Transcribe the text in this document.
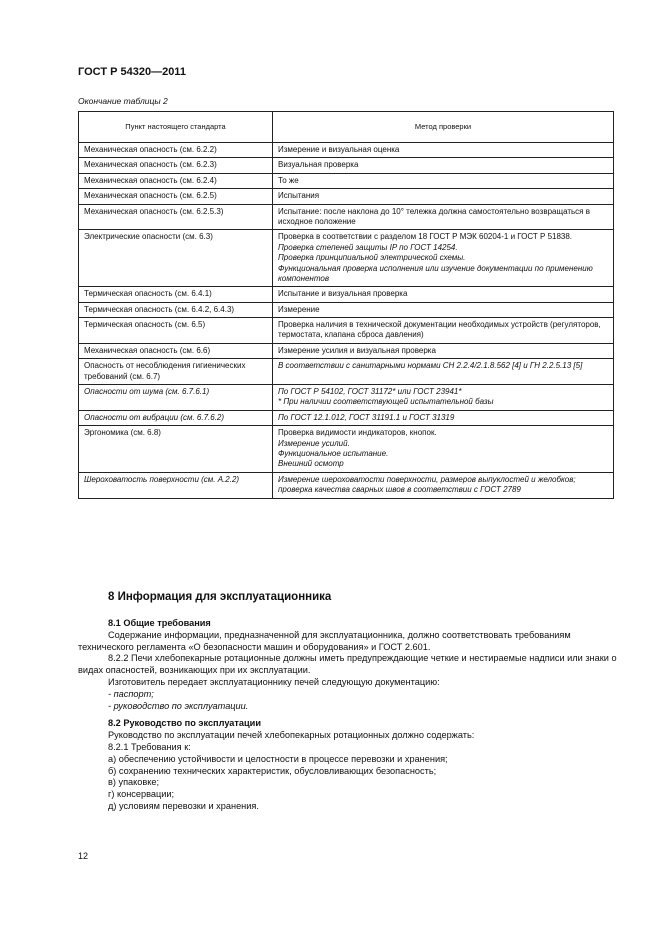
ГОСТ Р 54320—2011
Окончание таблицы 2
Пункт настоящего стандарта	Метод проверки
Механическая опасность (см. 6.2.2)	Измерение и визуальная оценка
Механическая опасность (см. 6.2.3)	Визуальная проверка
Механическая опасность (см. 6.2.4)	То же
Механическая опасность (см. 6.2.5)	Испытания
Механическая опасность (см. 6.2.5.3)	Испытание: после наклона до 10° тележка должна самостоятельно возвращаться в исходное положение
Электрические опасности (см. 6.3)	Проверка в соответствии с разделом 18 ГОСТ Р МЭК 60204-1 и ГОСТ Р 51838.
Проверка степеней защиты IP по ГОСТ 14254.
Проверка принципиальной электрической схемы.
Функциональная проверка исполнения или изучение документации по применению компонентов

Термическая опасность (см. 6.4.1)	Испытание и визуальная проверка
Термическая опасность (см. 6.4.2, 6.4.3)	Измерение
Термическая опасность (см. 6.5)	Проверка наличия в технической документации необходимых устройств (регуляторов, термостата, клапана сброса давления)
Механическая опасность (см. 6.6)	Измерение усилия и визуальная проверка
Опасность от несоблюдения гигиенических требований (см. 6.7)	В соответствии с санитарными нормами СН 2.2.4/2.1.8.562 [4] и ГН 2.2.5.13 [5]
Опасности от шума (см. 6.7.6.1)	По ГОСТ Р 54102, ГОСТ 31172* или ГОСТ 23941*
* При наличии соответствующей испытательной базы

Опасности от вибрации (см. 6.7.6.2)	По ГОСТ 12.1.012, ГОСТ 31191.1 и ГОСТ 31319
Эргономика (см. 6.8)	Проверка видимости индикаторов, кнопок.
Измерение усилий.
Функциональное испытание.
Внешний осмотр

Шероховатость поверхности (см. А.2.2)	Измерение шероховатости поверхности, размеров выпуклостей и желобков; проверка качества сварных швов в соответствии с ГОСТ 2789
8 Информация для эксплуатационника

8.1 Общие требования

Содержание информации, предназначенной для эксплуатационника, должно соответствовать требованиям технического регламента «О безопасности машин и оборудования» и ГОСТ 2.601.

8.2.2 Печи хлебопекарные ротационные должны иметь предупреждающие четкие и нестираемые надписи или знаки о видах опасностей, возникающих при их эксплуатации.

Изготовитель передает эксплуатационнику печей следующую документацию:

- паспорт;

- руководство по эксплуатации.

8.2 Руководство по эксплуатации

Руководство по эксплуатации печей хлебопекарных ротационных должно содержать:

8.2.1 Требования к:

а) обеспечению устойчивости и целостности в процессе перевозки и хранения;

б) сохранению технических характеристик, обусловливающих безопасность;

в) упаковке;

г) консервации;

д) условиям перевозки и хранения.

12
